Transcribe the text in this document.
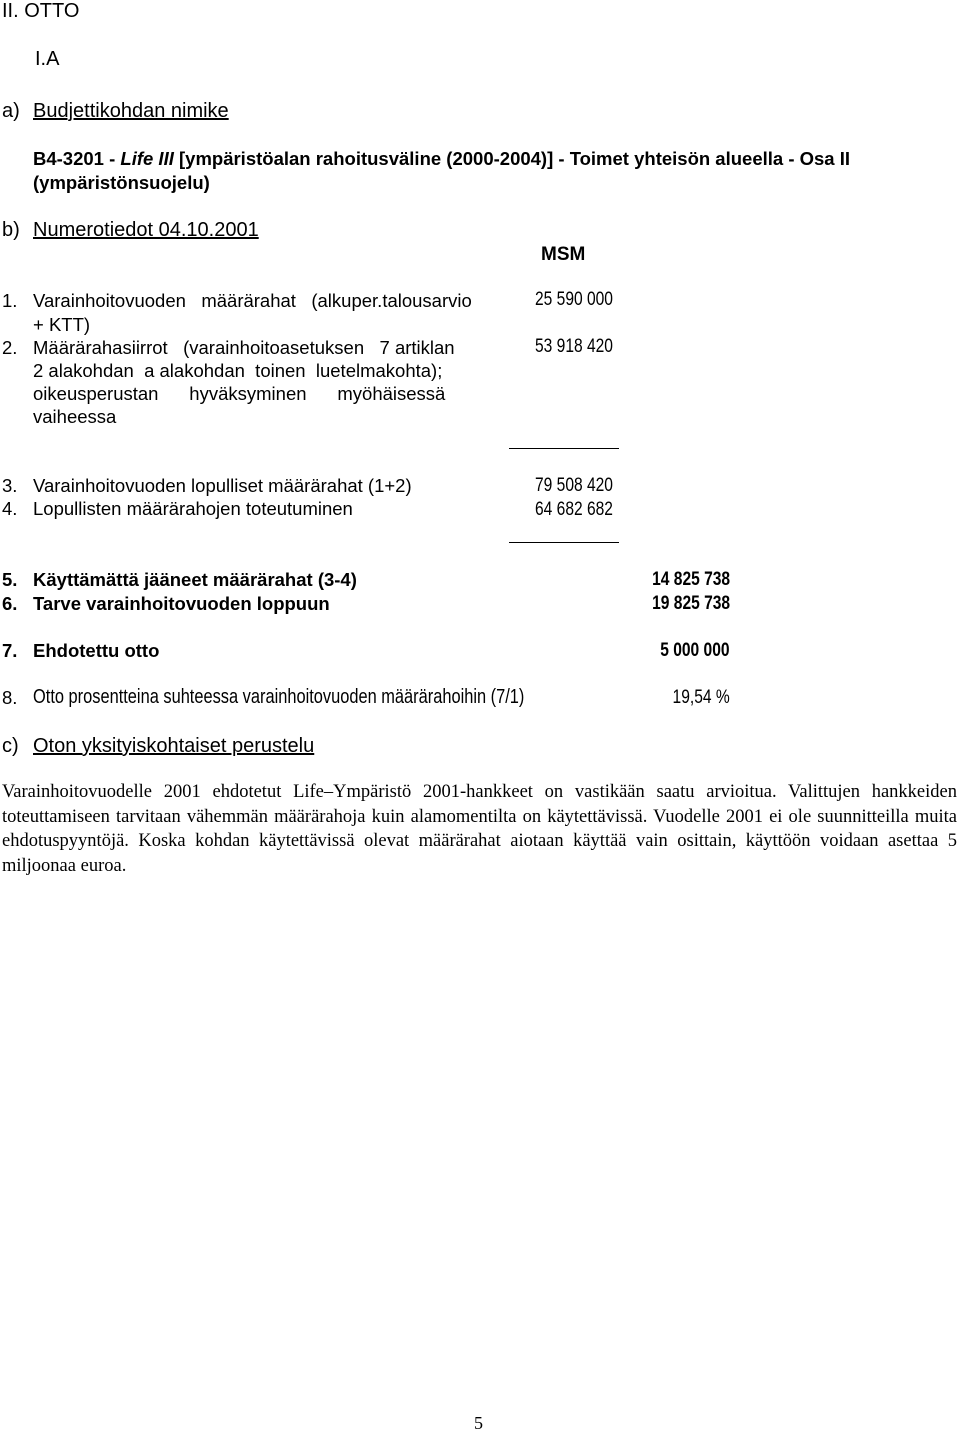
II. OTTO
I.A
a) Budjettikohdan nimike
B4-3201 - Life III [ympäristöalan rahoitusväline (2000-2004)] - Toimet yhteisön alueella - Osa II
(ympäristönsuojelu)
b) Numerotiedot 04.10.2001
MSM
1. Varainhoitovuoden   määrärahat   (alkuper.talousarvio
+ KTT)
25 590 000
2. Määrärahasiirrot   (varainhoitoasetuksen   7 artiklan
2 alakohdan  a alakohdan  toinen  luetelmakohta);
oikeusperustan      hyväksyminen      myöhäisessä
vaiheessa
53 918 420
3. Varainhoitovuoden lopulliset määrärahat (1+2)	79 508 420
4. Lopullisten määrärahojen toteutuminen	64 682 682
5. Käyttämättä jääneet määrärahat (3-4)	14 825 738
6. Tarve varainhoitovuoden loppuun	19 825 738
7. Ehdotettu otto	5 000 000
8. Otto prosentteina suhteessa varainhoitovuoden määrärahoihin (7/1)	19,54 %
c) Oton yksityiskohtaiset perustelu
Varainhoitovuodelle 2001 ehdotetut Life–Ympäristö 2001-hankkeet on vastikään saatu arvioitua. Valittujen hankkeiden toteuttamiseen tarvitaan vähemmän määrärahoja kuin alamomentilta on käytettävissä. Vuodelle 2001 ei ole suunnitteilla muita ehdotuspyyntöjä. Koska kohdan käytettävissä olevat määrärahat aiotaan käyttää vain osittain, käyttöön voidaan asettaa 5 miljoonaa euroa.
5
